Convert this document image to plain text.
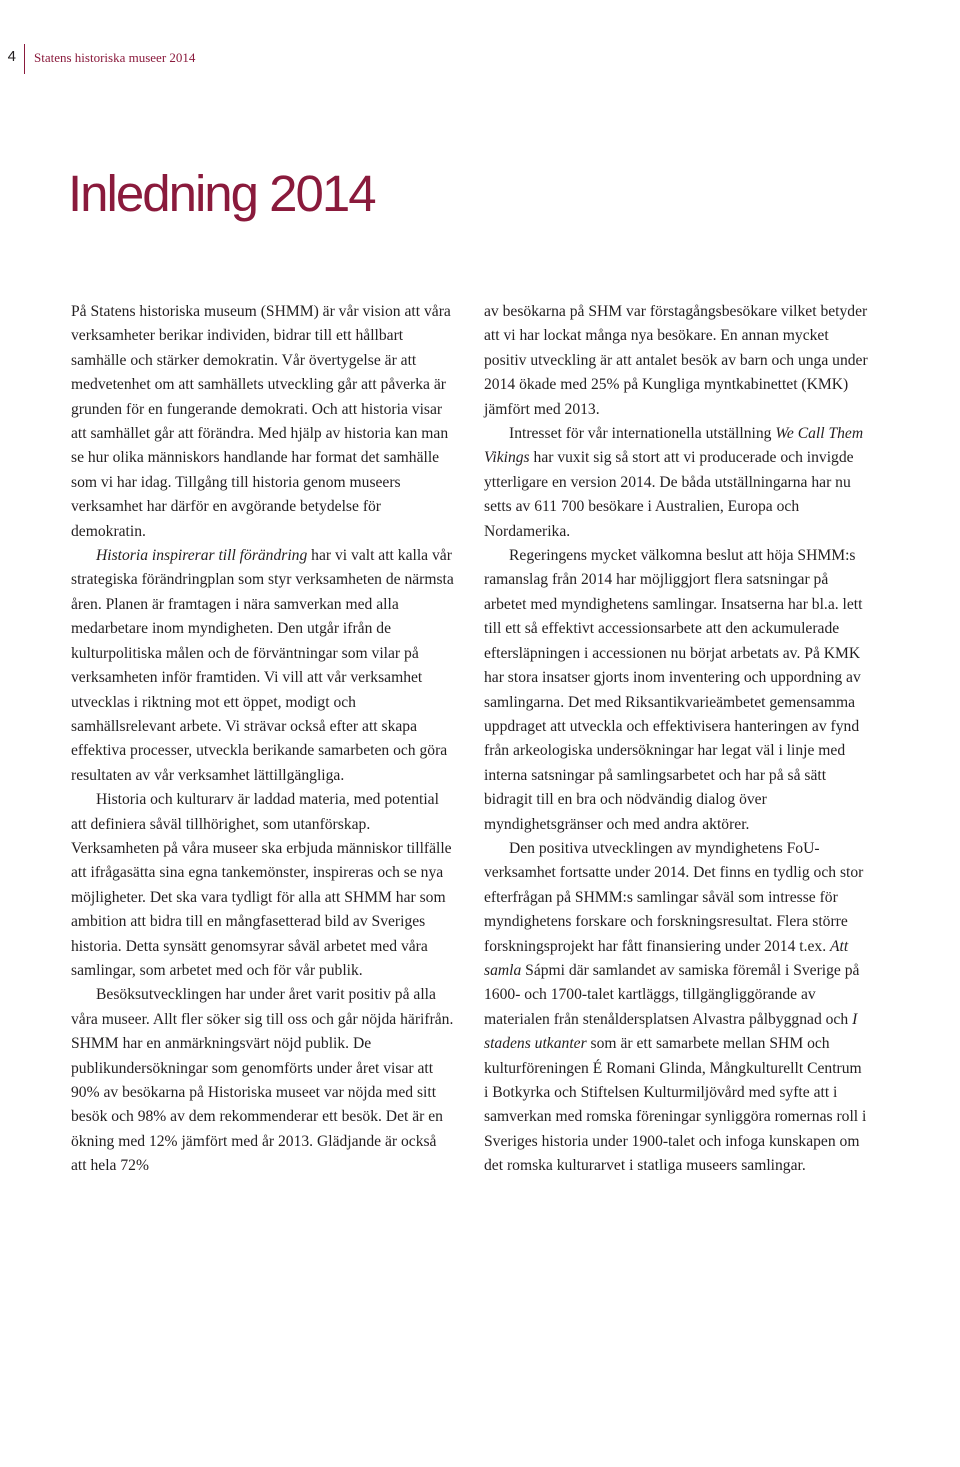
4 Statens historiska museer 2014
Inledning 2014

På Statens historiska museum (SHMM) är vår vision att våra verksamheter berikar individen, bidrar till ett hållbart samhälle och stärker demokratin. Vår övertygelse är att medvetenhet om att samhällets utveckling går att påverka är grunden för en fungerande demokrati. Och att historia visar att samhället går att förändra. Med hjälp av historia kan man se hur olika människors handlande har format det samhälle som vi har idag. Tillgång till historia genom museers verksamhet har därför en avgörande betydelse för demokratin.

Historia inspirerar till förändring har vi valt att kalla vår strategiska förändringplan som styr verksamheten de närmsta åren. Planen är framtagen i nära samverkan med alla medarbetare inom myndigheten. Den utgår ifrån de kulturpolitiska målen och de förväntningar som vilar på verksamheten inför framtiden. Vi vill att vår verksamhet utvecklas i riktning mot ett öppet, modigt och samhällsrelevant arbete. Vi strävar också efter att skapa effektiva processer, utveckla berikande samarbeten och göra resultaten av vår verksamhet lättillgängliga.

Historia och kulturarv är laddad materia, med potential att definiera såväl tillhörighet, som utanförskap. Verksamheten på våra museer ska erbjuda människor tillfälle att ifrågasätta sina egna tankemönster, inspireras och se nya möjligheter. Det ska vara tydligt för alla att SHMM har som ambition att bidra till en mångfasetterad bild av Sveriges historia. Detta synsätt genomsyrar såväl arbetet med våra samlingar, som arbetet med och för vår publik.

Besöksutvecklingen har under året varit positiv på alla våra museer. Allt fler söker sig till oss och går nöjda härifrån. SHMM har en anmärkningsvärt nöjd publik. De publikundersökningar som genomförts under året visar att 90% av besökarna på Historiska museet var nöjda med sitt besök och 98% av dem rekommenderar ett besök. Det är en ökning med 12% jämfört med år 2013. Glädjande är också att hela 72%

av besökarna på SHM var förstagångsbesökare vilket betyder att vi har lockat många nya besökare. En annan mycket positiv utveckling är att antalet besök av barn och unga under 2014 ökade med 25% på Kungliga myntkabinettet (KMK) jämfört med 2013.

Intresset för vår internationella utställning We Call Them Vikings har vuxit sig så stort att vi producerade och invigde ytterligare en version 2014. De båda utställningarna har nu setts av 611 700 besökare i Australien, Europa och Nordamerika.

Regeringens mycket välkomna beslut att höja SHMM:s ramanslag från 2014 har möjliggjort flera satsningar på arbetet med myndighetens samlingar. Insatserna har bl.a. lett till ett så effektivt accessionsarbete att den ackumulerade eftersläpningen i accessionen nu börjat arbetats av. På KMK har stora insatser gjorts inom inventering och uppordning av samlingarna. Det med Riksantikvarieämbetet gemensamma uppdraget att utveckla och effektivisera hanteringen av fynd från arkeologiska undersökningar har legat väl i linje med interna satsningar på samlingsarbetet och har på så sätt bidragit till en bra och nödvändig dialog över myndighetsgränser och med andra aktörer.

Den positiva utvecklingen av myndighetens FoU-verksamhet fortsatte under 2014. Det finns en tydlig och stor efterfrågan på SHMM:s samlingar såväl som intresse för myndighetens forskare och forskningsresultat. Flera större forskningsprojekt har fått finansiering under 2014 t.ex. Att samla Sápmi där samlandet av samiska föremål i Sverige på 1600- och 1700-talet kartläggs, tillgängliggörande av materialen från stenåldersplatsen Alvastra pålbyggnad och I stadens utkanter som är ett samarbete mellan SHM och kulturföreningen É Romani Glinda, Mångkulturellt Centrum i Botkyrka och Stiftelsen Kulturmiljövård med syfte att i samverkan med romska föreningar synliggöra romernas roll i Sveriges historia under 1900-talet och infoga kunskapen om det romska kulturarvet i statliga museers samlingar.
